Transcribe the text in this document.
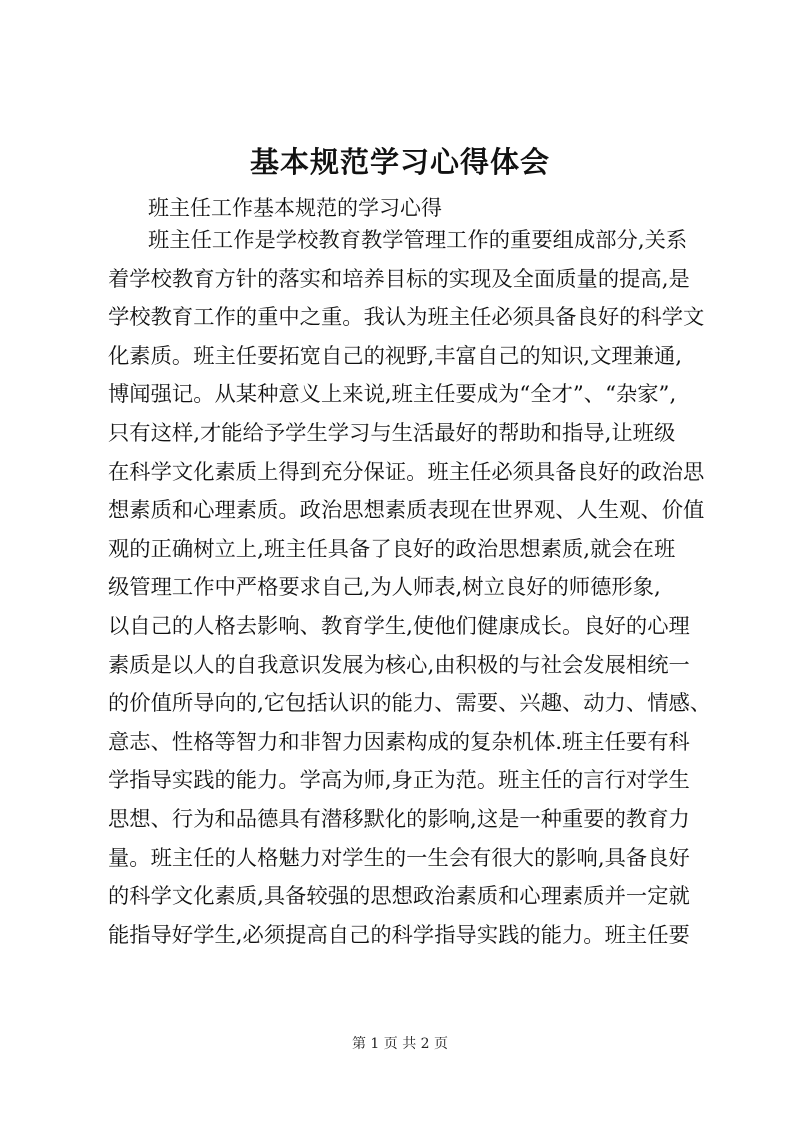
基本规范学习心得体会
班主任工作基本规范的学习心得
班主任工作是学校教育教学管理工作的重要组成部分,关系
着学校教育方针的落实和培养目标的实现及全面质量的提高,是
学校教育工作的重中之重。我认为班主任必须具备良好的科学文
化素质。班主任要拓宽自己的视野,丰富自己的知识,文理兼通,
博闻强记。从某种意义上来说,班主任要成为“全才”、“杂家”,
只有这样,才能给予学生学习与生活最好的帮助和指导,让班级
在科学文化素质上得到充分保证。班主任必须具备良好的政治思
想素质和心理素质。政治思想素质表现在世界观、人生观、价值
观的正确树立上,班主任具备了良好的政治思想素质,就会在班
级管理工作中严格要求自己,为人师表,树立良好的师德形象,
以自己的人格去影响、教育学生,使他们健康成长。良好的心理
素质是以人的自我意识发展为核心,由积极的与社会发展相统一
的价值所导向的,它包括认识的能力、需要、兴趣、动力、情感、
意志、性格等智力和非智力因素构成的复杂机体.班主任要有科
学指导实践的能力。学高为师,身正为范。班主任的言行对学生
思想、行为和品德具有潜移默化的影响,这是一种重要的教育力
量。班主任的人格魅力对学生的一生会有很大的影响,具备良好
的科学文化素质,具备较强的思想政治素质和心理素质并一定就
能指导好学生,必须提高自己的科学指导实践的能力。班主任要
第 1 页 共 2 页
